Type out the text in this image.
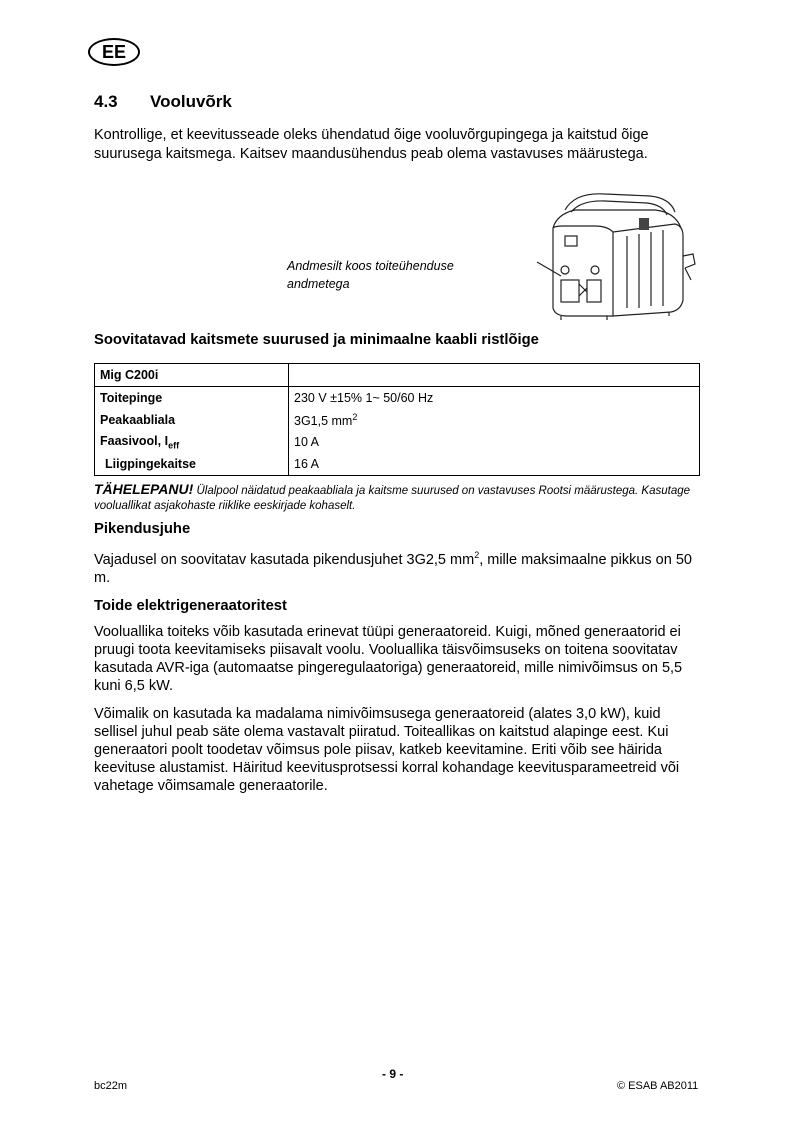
EE
4.3 Vooluvõrk
Kontrollige, et keevitusseade oleks ühendatud õige vooluvõrgupingega ja kaitstud õige suurusega kaitsmega. Kaitsev maandusühendus peab olema vastavuses määrustega.
Andmesilt koos toiteühenduse
andmetega
Soovitatavad kaitsmete suurused ja minimaalne kaabli ristlõige
Mig C200i	
Toitepinge	230 V ±15% 1~ 50/60 Hz
Peakaabliala	3G1,5 $mm^2$
Faasivool, $I_{eff}$	10 A
Liigpingekaitse	16 A
TÄHELEPANU! Ülalpool näidatud peakaabliala ja kaitsme suurused on vastavuses Rootsi määrustega. Kasutage vooluallikat asjakohaste riiklike eeskirjade kohaselt.
Pikendusjuhe
Vajadusel on soovitatav kasutada pikendusjuhet 3G2,5 $mm^2$, mille maksimaalne pikkus on 50 m.
Toide elektrigeneraatoritest
Vooluallika toiteks võib kasutada erinevat tüüpi generaatoreid. Kuigi, mõned generaatorid ei pruugi toota keevitamiseks piisavalt voolu. Vooluallika täisvõimsuseks on toitena soovitatav kasutada AVR-iga (automaatse pingeregulaatoriga) generaatoreid, mille nimivõimsus on 5,5 kuni 6,5 kW.
Võimalik on kasutada ka madalama nimivõimsusega generaatoreid (alates 3,0 kW), kuid sellisel juhul peab säte olema vastavalt piiratud. Toiteallikas on kaitstud alapinge eest. Kui generaatori poolt toodetav võimsus pole piisav, katkeb keevitamine. Eriti võib see häirida keevituse alustamist. Häiritud keevitusprotsessi korral kohandage keevitusparameetreid või vahetage võimsamale generaatorile.
- 9 -
bc22m	© ESAB AB2011
